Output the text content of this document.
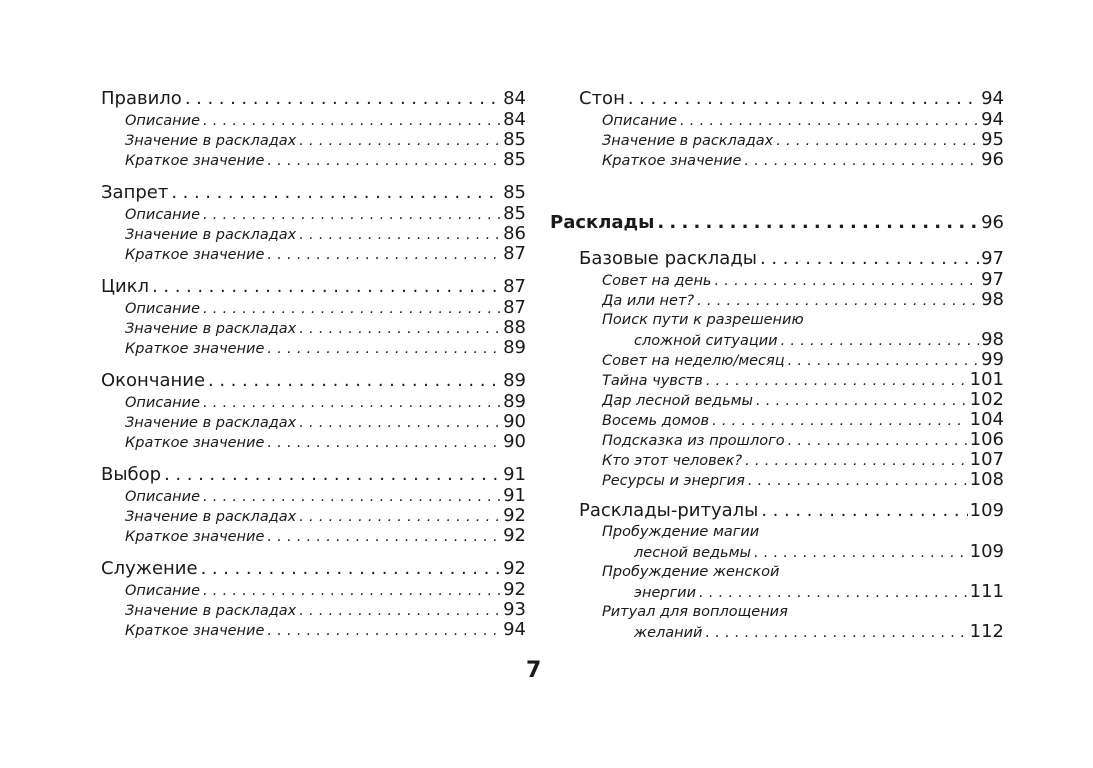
Правило .....	84
Описание .....	84
Значение в раскладах .....	85
Краткое значение .....	85
Запрет .....	85
Описание .....	85
Значение в раскладах .....	86
Краткое значение .....	87
Цикл .....	87
Описание .....	87
Значение в раскладах .....	88
Краткое значение .....	89
Окончание .....	89
Описание .....	89
Значение в раскладах .....	90
Краткое значение .....	90
Выбор .....	91
Описание .....	91
Значение в раскладах .....	92
Краткое значение .....	92
Служение .....	92
Описание .....	92
Значение в раскладах .....	93
Краткое значение .....	94
Стон .....	94
Описание .....	94
Значение в раскладах .....	95
Краткое значение .....	96
Расклады .....	96
Базовые расклады .....	97
Совет на день .....	97
Да или нет? .....	98
Поиск пути к разрешению
сложной ситуации .....	98
Совет на неделю/месяц .....	99
Тайна чувств .....	101
Дар лесной ведьмы .....	102
Восемь домов .....	104
Подсказка из прошлого .....	106
Кто этот человек? .....	107
Ресурсы и энергия .....	108
Расклады-ритуалы .....	109
Пробуждение магии
лесной ведьмы .....	109
Пробуждение женской
энергии .....	111
Ритуал для воплощения
желаний .....	112
7
